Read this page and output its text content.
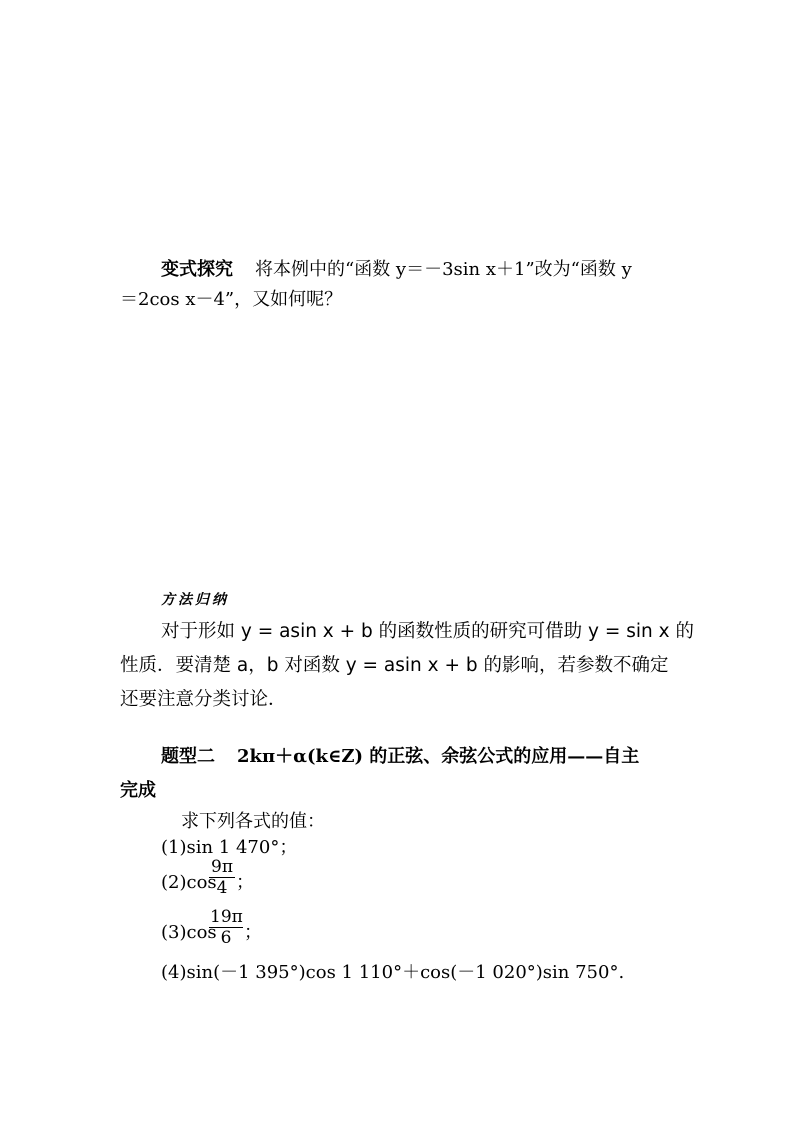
变式探究 将本例中的“函数 y＝－3sin x＋1”改为“函数 y
＝2cos x－4”，又如何呢？
方法归纳
对于形如 y = asin x + b 的函数性质的研究可借助 y = sin x 的
性质．要清楚 a，b 对函数 y = asin x + b 的影响，若参数不确定
还要注意分类讨论．
题型二 2kπ＋α(k∈Z) 的正弦、余弦公式的应用——自主
完成
求下列各式的值：
(1)sin 1 470°；
(2)cos
$\frac{9\pi}{4}$ ；
(3)cos
$\frac{19\pi}{6}$ ；
(4)sin(－1 395°)cos 1 110°＋cos(－1 020°)sin 750°.
